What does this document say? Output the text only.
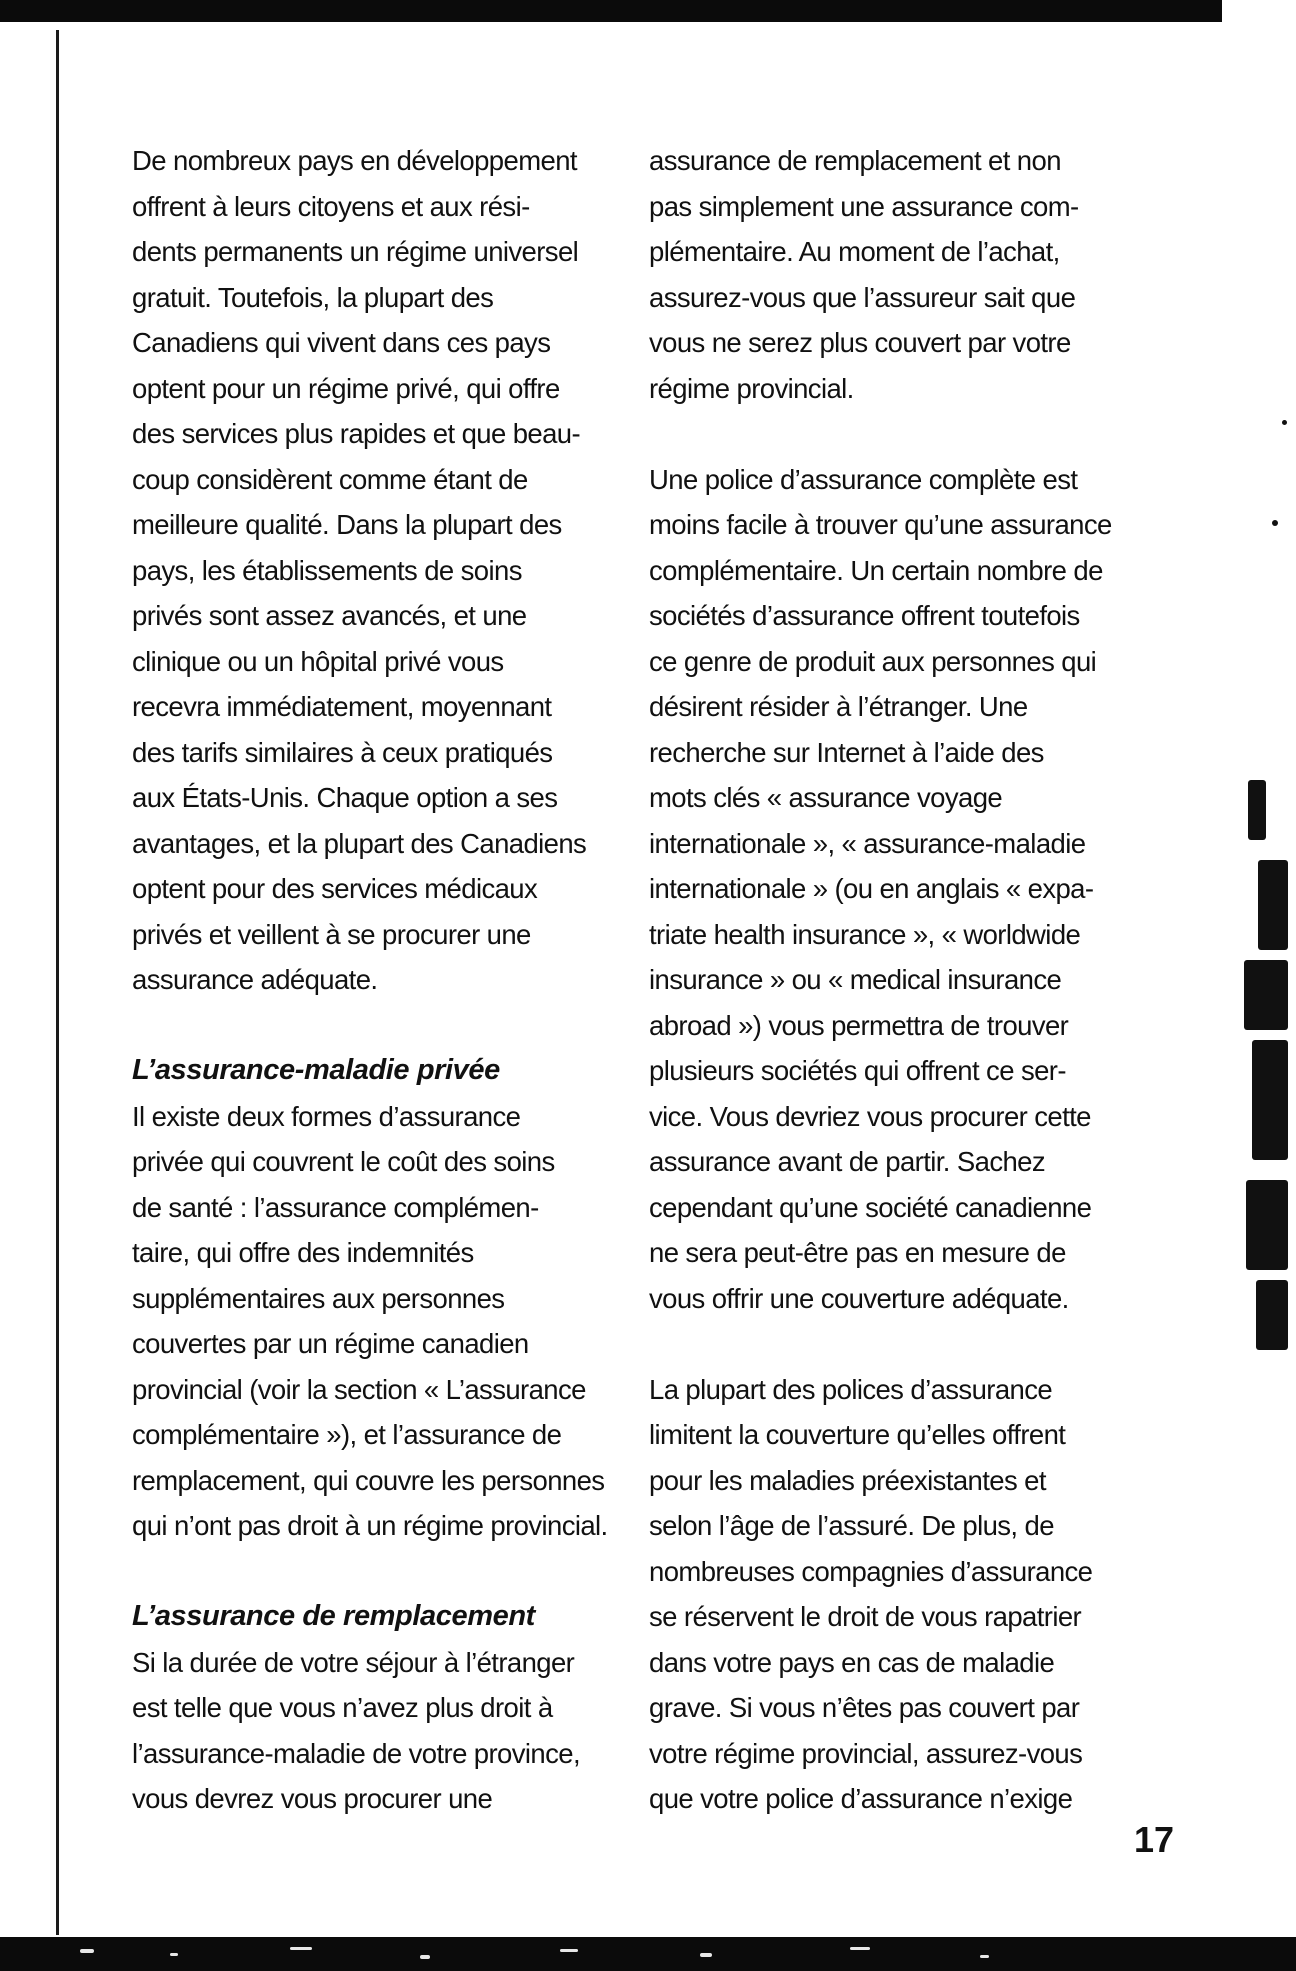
De nombreux pays en développement
offrent à leurs citoyens et aux rési-
dents permanents un régime universel
gratuit. Toutefois, la plupart des
Canadiens qui vivent dans ces pays
optent pour un régime privé, qui offre
des services plus rapides et que beau-
coup considèrent comme étant de
meilleure qualité. Dans la plupart des
pays, les établissements de soins
privés sont assez avancés, et une
clinique ou un hôpital privé vous
recevra immédiatement, moyennant
des tarifs similaires à ceux pratiqués
aux États-Unis. Chaque option a ses
avantages, et la plupart des Canadiens
optent pour des services médicaux
privés et veillent à se procurer une
assurance adéquate.

L’assurance-maladie privée

Il existe deux formes d’assurance
privée qui couvrent le coût des soins
de santé : l’assurance complémen-
taire, qui offre des indemnités
supplémentaires aux personnes
couvertes par un régime canadien
provincial (voir la section « L’assurance
complémentaire »), et l’assurance de
remplacement, qui couvre les personnes
qui n’ont pas droit à un régime provincial.

L’assurance de remplacement

Si la durée de votre séjour à l’étranger
est telle que vous n’avez plus droit à
l’assurance-maladie de votre province,
vous devrez vous procurer une

assurance de remplacement et non
pas simplement une assurance com-
plémentaire. Au moment de l’achat,
assurez-vous que l’assureur sait que
vous ne serez plus couvert par votre
régime provincial.

Une police d’assurance complète est
moins facile à trouver qu’une assurance
complémentaire. Un certain nombre de
sociétés d’assurance offrent toutefois
ce genre de produit aux personnes qui
désirent résider à l’étranger. Une
recherche sur Internet à l’aide des
mots clés « assurance voyage
internationale », « assurance-maladie
internationale » (ou en anglais « expa-
triate health insurance », « worldwide
insurance » ou « medical insurance
abroad ») vous permettra de trouver
plusieurs sociétés qui offrent ce ser-
vice. Vous devriez vous procurer cette
assurance avant de partir. Sachez
cependant qu’une société canadienne
ne sera peut-être pas en mesure de
vous offrir une couverture adéquate.

La plupart des polices d’assurance
limitent la couverture qu’elles offrent
pour les maladies préexistantes et
selon l’âge de l’assuré. De plus, de
nombreuses compagnies d’assurance
se réservent le droit de vous rapatrier
dans votre pays en cas de maladie
grave. Si vous n’êtes pas couvert par
votre régime provincial, assurez-vous
que votre police d’assurance n’exige

17
